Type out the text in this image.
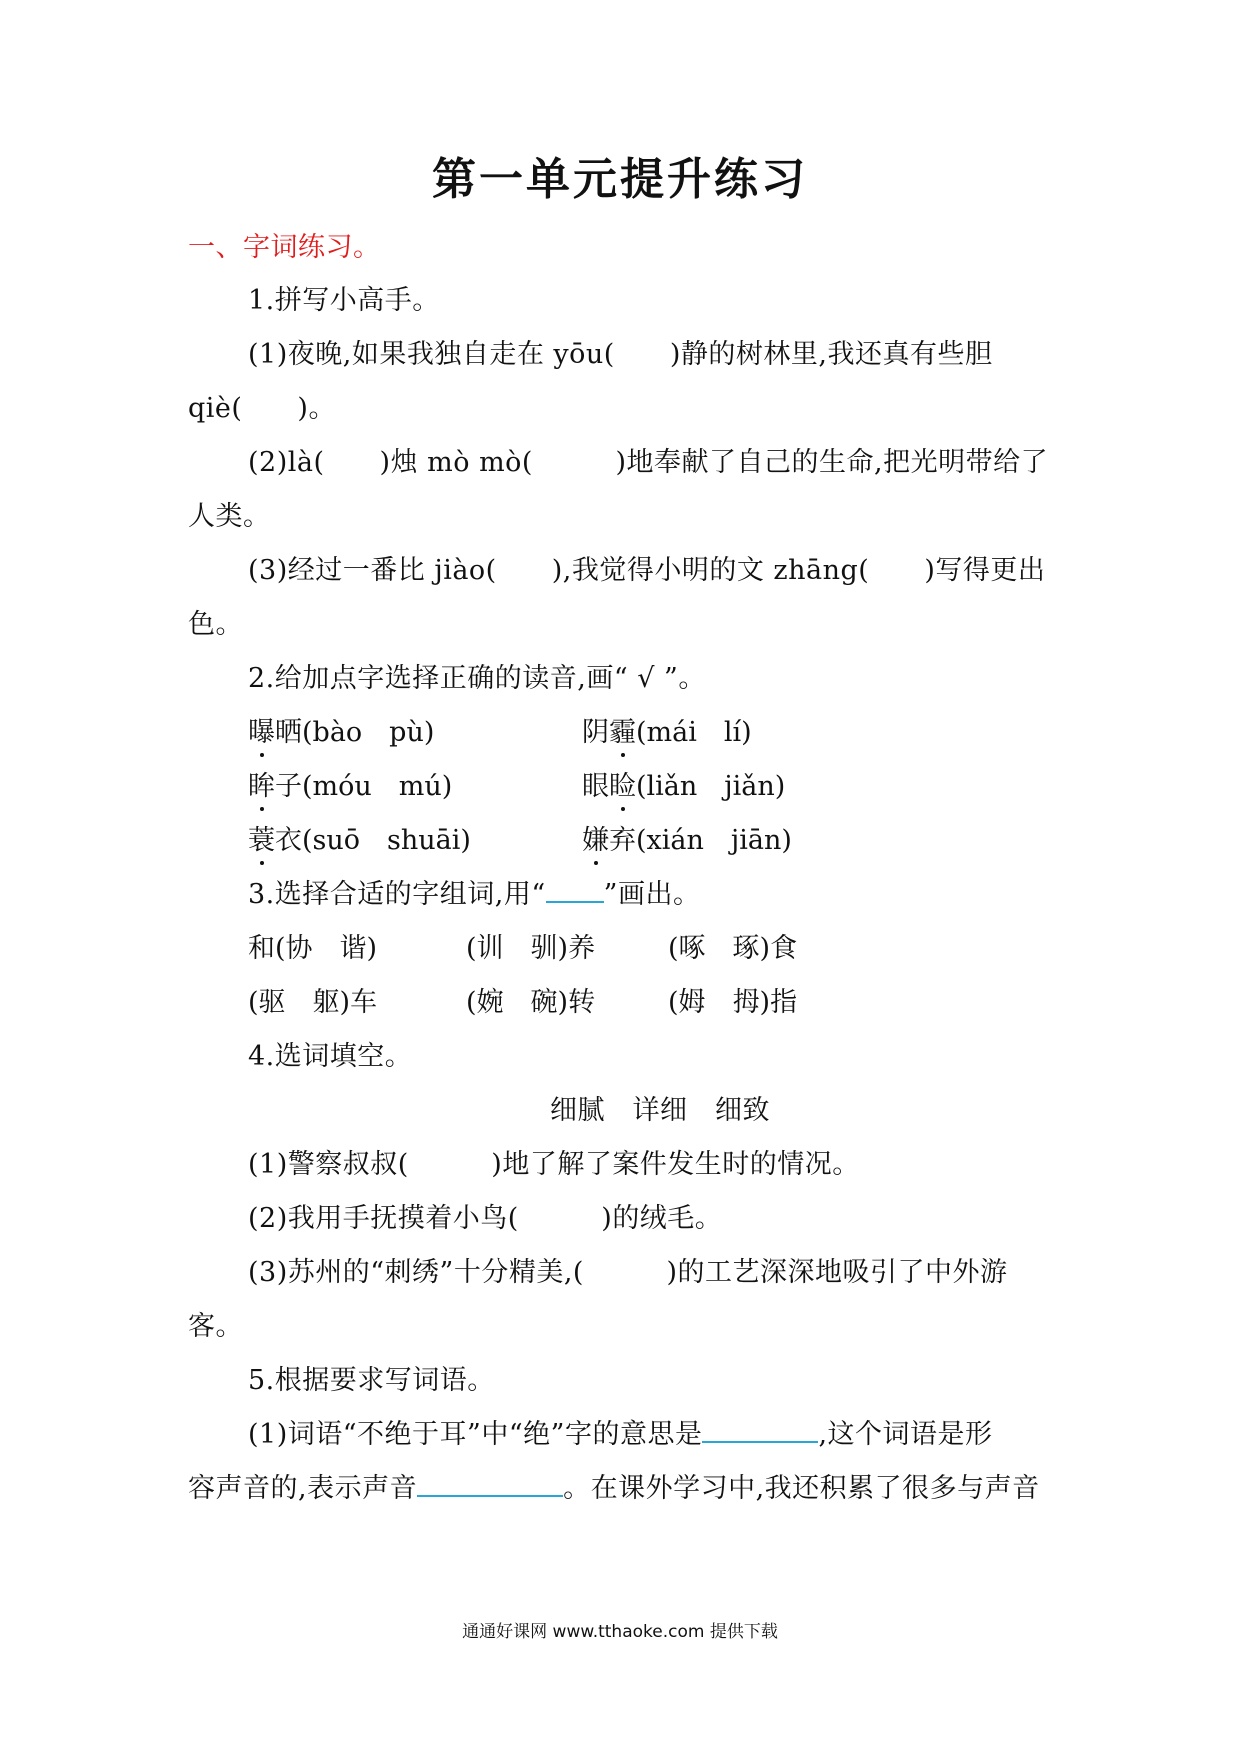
第一单元提升练习
一、字词练习。
1.拼写小高手。
(1)夜晚,如果我独自走在 yōu(　　)静的树林里,我还真有些胆
qiè(　　)。
(2)là(　　)烛 mò mò(　　　)地奉献了自己的生命,把光明带给了
人类。
(3)经过一番比 jiào(　　),我觉得小明的文 zhāng(　　)写得更出
色。
2.给加点字选择正确的读音,画“ √ ”。
曝晒(bào　pù)	阴霾(mái　lí)
眸子(móu　mú)	眼睑(liǎn　jiǎn)
蓑衣(suō　shuāi)	嫌弃(xián　jiān)
3.选择合适的字组词,用“ ”画出。
和(协　谐)	(训　驯)养	(啄　琢)食
(驱　躯)车	(婉　碗)转	(姆　拇)指
4.选词填空。
细腻　详细　细致
(1)警察叔叔(　　　)地了解了案件发生时的情况。
(2)我用手抚摸着小鸟(　　　)的绒毛。
(3)苏州的“刺绣”十分精美,(　　　)的工艺深深地吸引了中外游
客。
5.根据要求写词语。
(1)词语“不绝于耳”中“绝”字的意思是	,这个词语是形
容声音的,表示声音	。在课外学习中,我还积累了很多与声音
通通好课网 www.tthaoke.com 提供下载
